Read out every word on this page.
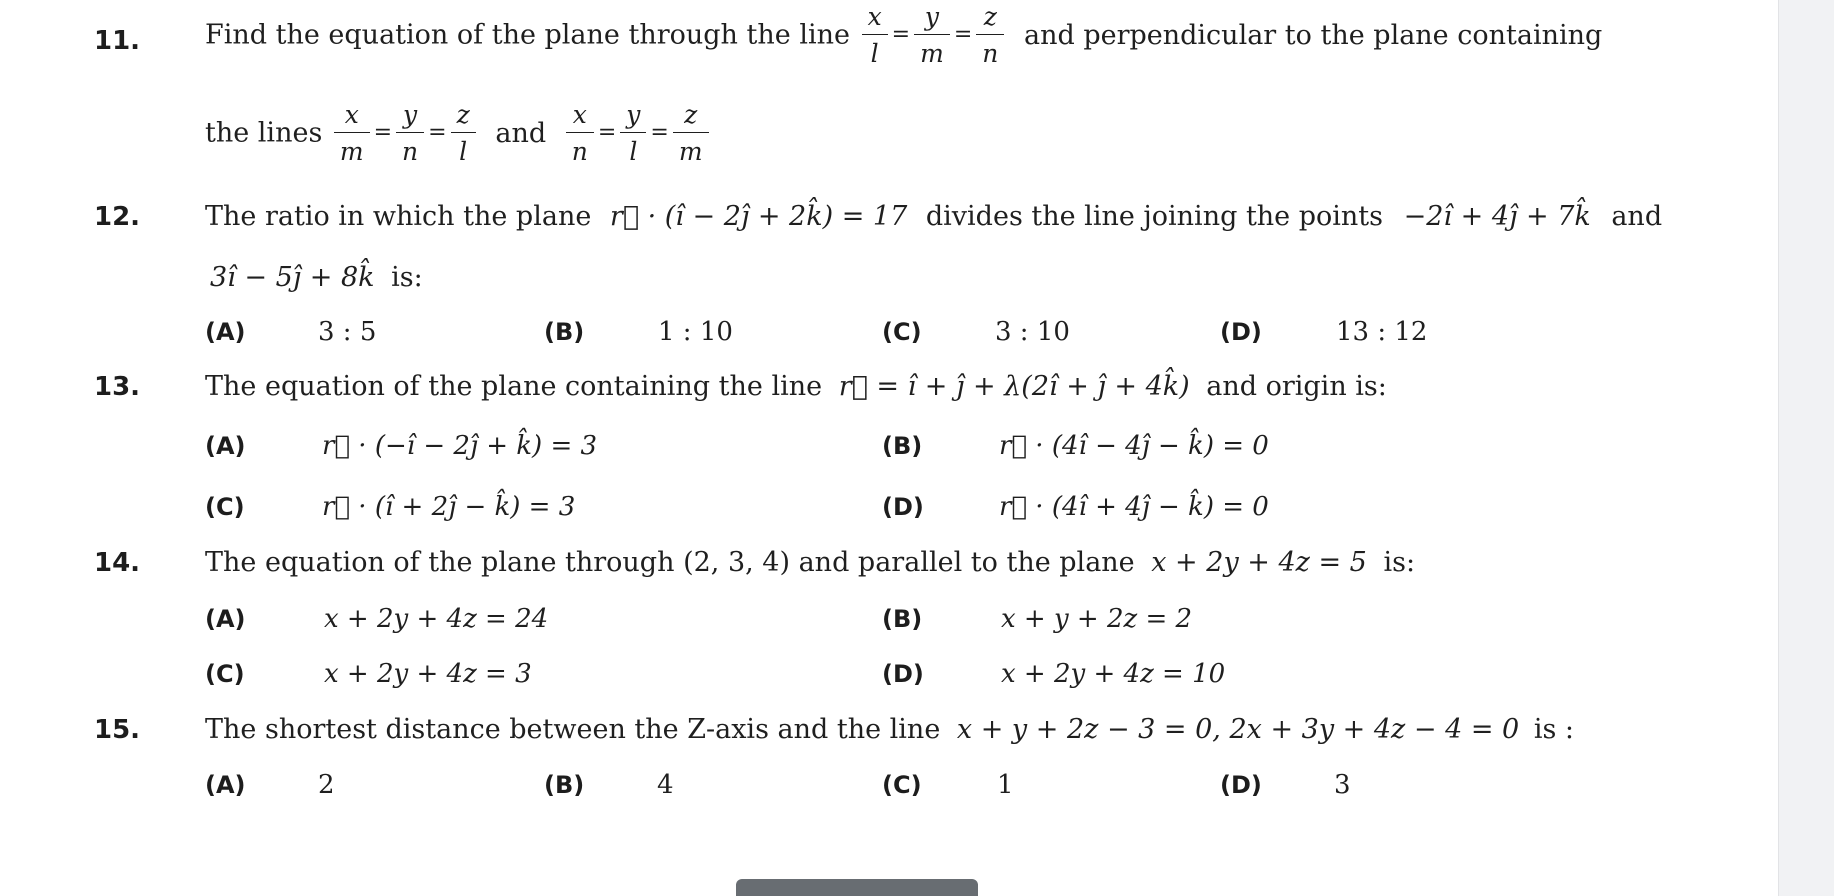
11. Find the equation of the plane through the line $\frac{x}{l} = \frac{y}{m} = \frac{z}{n}$ and perpendicular to the plane containing
the lines $\frac{x}{m} = \frac{y}{n} = \frac{z}{l}$ and $\frac{x}{n} = \frac{y}{l} = \frac{z}{m}$
12. The ratio in which the plane r⃗ · (î − 2ĵ + 2k̂) = 17 divides the line joining the points −2î + 4ĵ + 7k̂ and
3î − 5ĵ + 8k̂ is:
(A)	3 : 5	(B)	1 : 10	(C)	3 : 10	(D)	13 : 12
13. The equation of the plane containing the line r⃗ = î + ĵ + λ(2î + ĵ + 4k̂) and origin is:
(A)	r⃗ · (−î − 2ĵ + k̂) = 3	(B)	r⃗ · (4î − 4ĵ − k̂) = 0
(C)	r⃗ · (î + 2ĵ − k̂) = 3	(D)	r⃗ · (4î + 4ĵ − k̂) = 0
14. The equation of the plane through (2, 3, 4) and parallel to the plane x + 2y + 4z = 5 is:
(A)	x + 2y + 4z = 24	(B)	x + y + 2z = 2
(C)	x + 2y + 4z = 3	(D)	x + 2y + 4z = 10
15. The shortest distance between the Z-axis and the line x + y + 2z − 3 = 0, 2x + 3y + 4z − 4 = 0 is :
(A)	2	(B)	4	(C)	1	(D)	3
